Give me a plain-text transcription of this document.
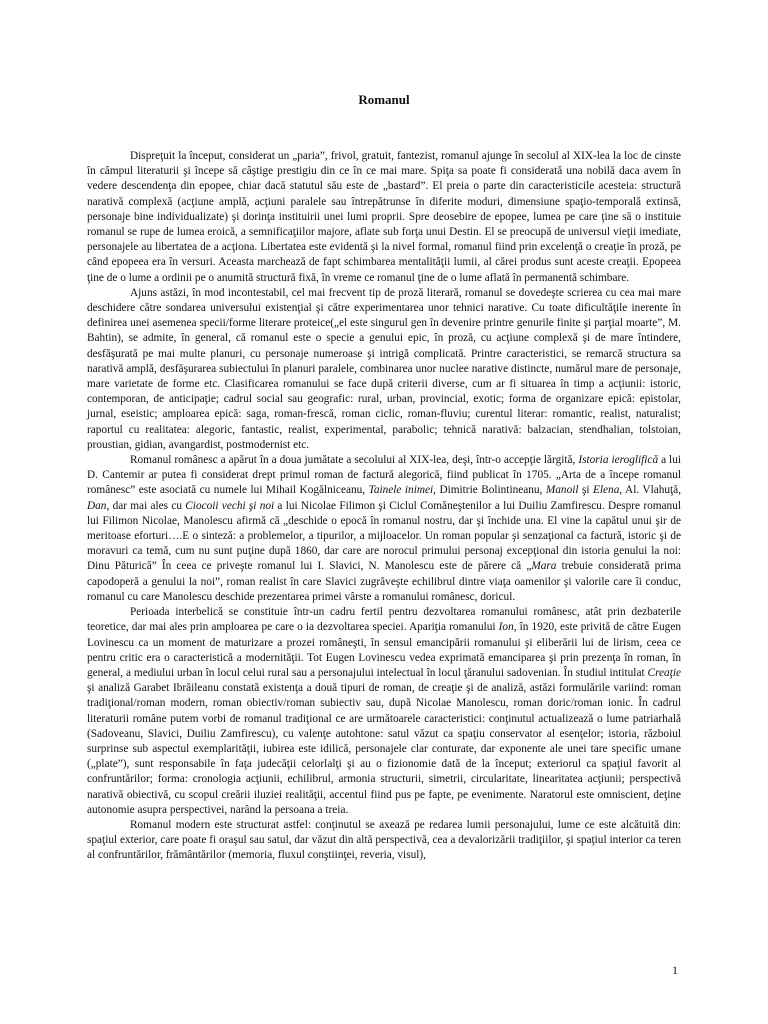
Romanul

Dispreţuit la început, considerat un „paria”, frivol, gratuit, fantezist, romanul ajunge în secolul al XIX-lea la loc de cinste în câmpul literaturii şi începe să câştige prestigiu din ce în ce mai mare. Spiţa sa poate fi considerată una nobilă daca avem în vedere descendenţa din epopee, chiar dacă statutul său este de „bastard”. El preia o parte din caracteristicile acesteia: structură narativă complexă (acţiune amplă, acţiuni paralele sau întrepătrunse în diferite moduri, dimensiune spaţio-temporală extinsă, personaje bine individualizate) şi dorinţa instituirii unei lumi proprii. Spre deosebire de epopee, lumea pe care ţine să o instituie romanul se rupe de lumea eroică, a semnificaţiilor majore, aflate sub forţa unui Destin. El se preocupă de universul vieţii imediate, personajele au libertatea de a acţiona. Libertatea este evidentă şi la nivel formal, romanul fiind prin excelenţă o creaţie în proză, pe când epopeea era în versuri. Aceasta marchează de fapt schimbarea mentalităţii lumii, al cărei produs sunt aceste creaţii. Epopeea ţine de o lume a ordinii pe o anumită structură fixă, în vreme ce romanul ţine de o lume aflată în permanentă schimbare.

Ajuns astăzi, în mod incontestabil, cel mai frecvent tip de proză literară, romanul se dovedeşte scrierea cu cea mai mare deschidere către sondarea universului existenţial şi către experimentarea unor tehnici narative. Cu toate dificultăţile inerente în definirea unei asemenea specii/forme literare proteice(„el este singurul gen în devenire printre genurile finite şi parţial moarte”, M. Bahtin), se admite, în general, că romanul este o specie a genului epic, în proză, cu acţiune complexă şi de mare întindere, desfăşurată pe mai multe planuri, cu personaje numeroase şi intrigă complicată. Printre caracteristici, se remarcă structura sa narativă amplă, desfăşurarea subiectului în planuri paralele, combinarea unor nuclee narative distincte, numărul mare de personaje, mare varietate de forme etc. Clasificarea romanului se face după criterii diverse, cum ar fi situarea în timp a acţiunii: istoric, contemporan, de anticipaţie; cadrul social sau geografic: rural, urban, provincial, exotic; forma de organizare epică: epistolar, jurnal, eseistic; amploarea epică: saga, roman-frescă, roman ciclic, roman-fluviu; curentul literar: romantic, realist, naturalist; raportul cu realitatea: alegoric, fantastic, realist, experimental, parabolic; tehnică narativă: balzacian, stendhalian, tolstoian, proustian, gidian, avangardist, postmodernist etc.

Romanul românesc a apărut în a doua jumătate a secolului al XIX-lea, deşi, într-o accepţie lărgită, Istoria ieroglifică a lui D. Cantemir ar putea fi considerat drept primul roman de factură alegorică, fiind publicat în 1705. „Arta de a începe romanul românesc” este asociată cu numele lui Mihail Kogălniceanu, Tainele inimei, Dimitrie Bolintineanu, Manoil şi Elena, Al. Vlahuţă, Dan, dar mai ales cu Ciocoii vechi şi noi a lui Nicolae Filimon şi Ciclul Comăneştenilor a lui Duiliu Zamfirescu. Despre romanul lui Filimon Nicolae, Manolescu afirmă că „deschide o epocă în romanul nostru, dar şi închide una. El vine la capătul unui şir de meritoase eforturi….E o sinteză: a problemelor, a tipurilor, a mijloacelor. Un roman popular şi senzaţional ca factură, istoric şi de moravuri ca temă, cum nu sunt puţine după 1860, dar care are norocul primului personaj excepţional din istoria genului la noi: Dinu Păturică” În ceea ce priveşte romanul lui I. Slavici, N. Manolescu este de părere că „Mara trebuie considerată prima capodoperă a genului la noi”, roman realist în care Slavici zugrăveşte echilibrul dintre viaţa oamenilor şi valorile care îi conduc, romanul cu care Manolescu deschide prezentarea primei vârste a romanului românesc, doricul.

Perioada interbelică se constituie într-un cadru fertil pentru dezvoltarea romanului românesc, atât prin dezbaterile teoretice, dar mai ales prin amploarea pe care o ia dezvoltarea speciei. Apariţia romanului Ion, în 1920, este privită de către Eugen Lovinescu ca un moment de maturizare a prozei româneşti, în sensul emancipării romanului şi eliberării lui de lirism, ceea ce pentru critic era o caracteristică a modernităţii. Tot Eugen Lovinescu vedea exprimată emanciparea şi prin prezenţa în roman, în general, a mediului urban în locul celui rural sau a personajului intelectual în locul ţăranului sadovenian. În studiul intitulat Creaţie şi analiză Garabet Ibrăileanu constată existenţa a două tipuri de roman, de creaţie şi de analiză, astăzi formulările variind: roman tradiţional/roman modern, roman obiectiv/roman subiectiv sau, după Nicolae Manolescu, roman doric/roman ionic. În cadrul literaturii române putem vorbi de romanul tradiţional ce are următoarele caracteristici: conţinutul actualizează o lume patriarhală (Sadoveanu, Slavici, Duiliu Zamfirescu), cu valenţe autohtone: satul văzut ca spaţiu conservator al esenţelor; istoria, războiul surprinse sub aspectul exemplarităţii, iubirea este idilică, personajele clar conturate, dar exponente ale unei tare specific umane („plate”), sunt responsabile în faţa judecăţii celorlalţi şi au o fizionomie dată de la început; exteriorul ca spaţiul favorit al confruntărilor; forma: cronologia acţiunii, echilibrul, armonia structurii, simetrii, circularitate, linearitatea acţiunii; perspectivă narativă obiectivă, cu scopul creării iluziei realităţii, accentul fiind pus pe fapte, pe evenimente. Naratorul este omniscient, deţine autonomie asupra perspectivei, narând la persoana a treia.

Romanul modern este structurat astfel: conţinutul se axează pe redarea lumii personajului, lume ce este alcătuită din: spaţiul exterior, care poate fi oraşul sau satul, dar văzut din altă perspectivă, cea a devalorizării tradiţiilor, şi spaţiul interior ca teren al confruntărilor, frământărilor (memoria, fluxul conştiinţei, reveria, visul),

1
